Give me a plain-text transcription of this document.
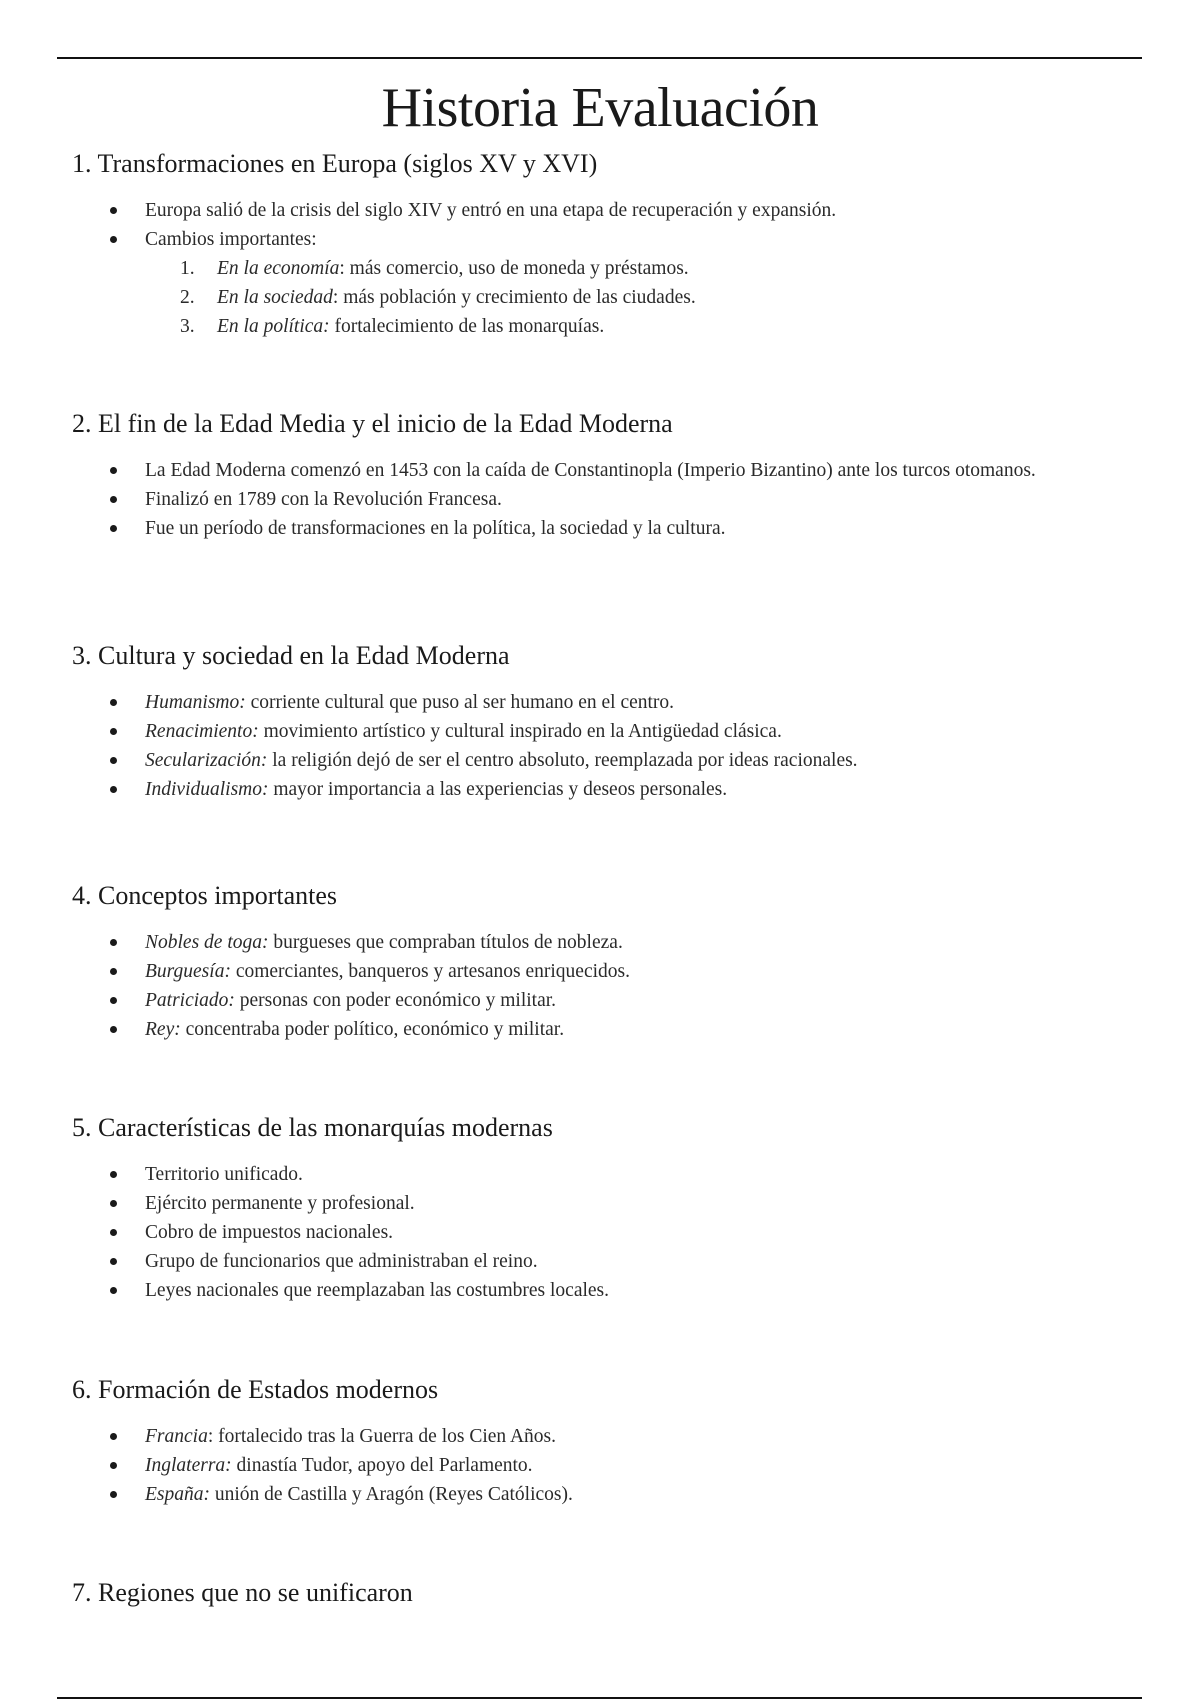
Historia Evaluación
1. Transformaciones en Europa (siglos XV y XVI)
Europa salió de la crisis del siglo XIV y entró en una etapa de recuperación y expansión.
Cambios importantes:
1. En la economía: más comercio, uso de moneda y préstamos.
2. En la sociedad: más población y crecimiento de las ciudades.
3. En la política: fortalecimiento de las monarquías.
2. El fin de la Edad Media y el inicio de la Edad Moderna
La Edad Moderna comenzó en 1453 con la caída de Constantinopla (Imperio Bizantino) ante los turcos otomanos.
Finalizó en 1789 con la Revolución Francesa.
Fue un período de transformaciones en la política, la sociedad y la cultura.
3. Cultura y sociedad en la Edad Moderna
Humanismo: corriente cultural que puso al ser humano en el centro.
Renacimiento: movimiento artístico y cultural inspirado en la Antigüedad clásica.
Secularización: la religión dejó de ser el centro absoluto, reemplazada por ideas racionales.
Individualismo: mayor importancia a las experiencias y deseos personales.
4. Conceptos importantes
Nobles de toga: burgueses que compraban títulos de nobleza.
Burguesía: comerciantes, banqueros y artesanos enriquecidos.
Patriciado: personas con poder económico y militar.
Rey: concentraba poder político, económico y militar.
5. Características de las monarquías modernas
Territorio unificado.
Ejército permanente y profesional.
Cobro de impuestos nacionales.
Grupo de funcionarios que administraban el reino.
Leyes nacionales que reemplazaban las costumbres locales.
6. Formación de Estados modernos
Francia: fortalecido tras la Guerra de los Cien Años.
Inglaterra: dinastía Tudor, apoyo del Parlamento.
España: unión de Castilla y Aragón (Reyes Católicos).
7. Regiones que no se unificaron
